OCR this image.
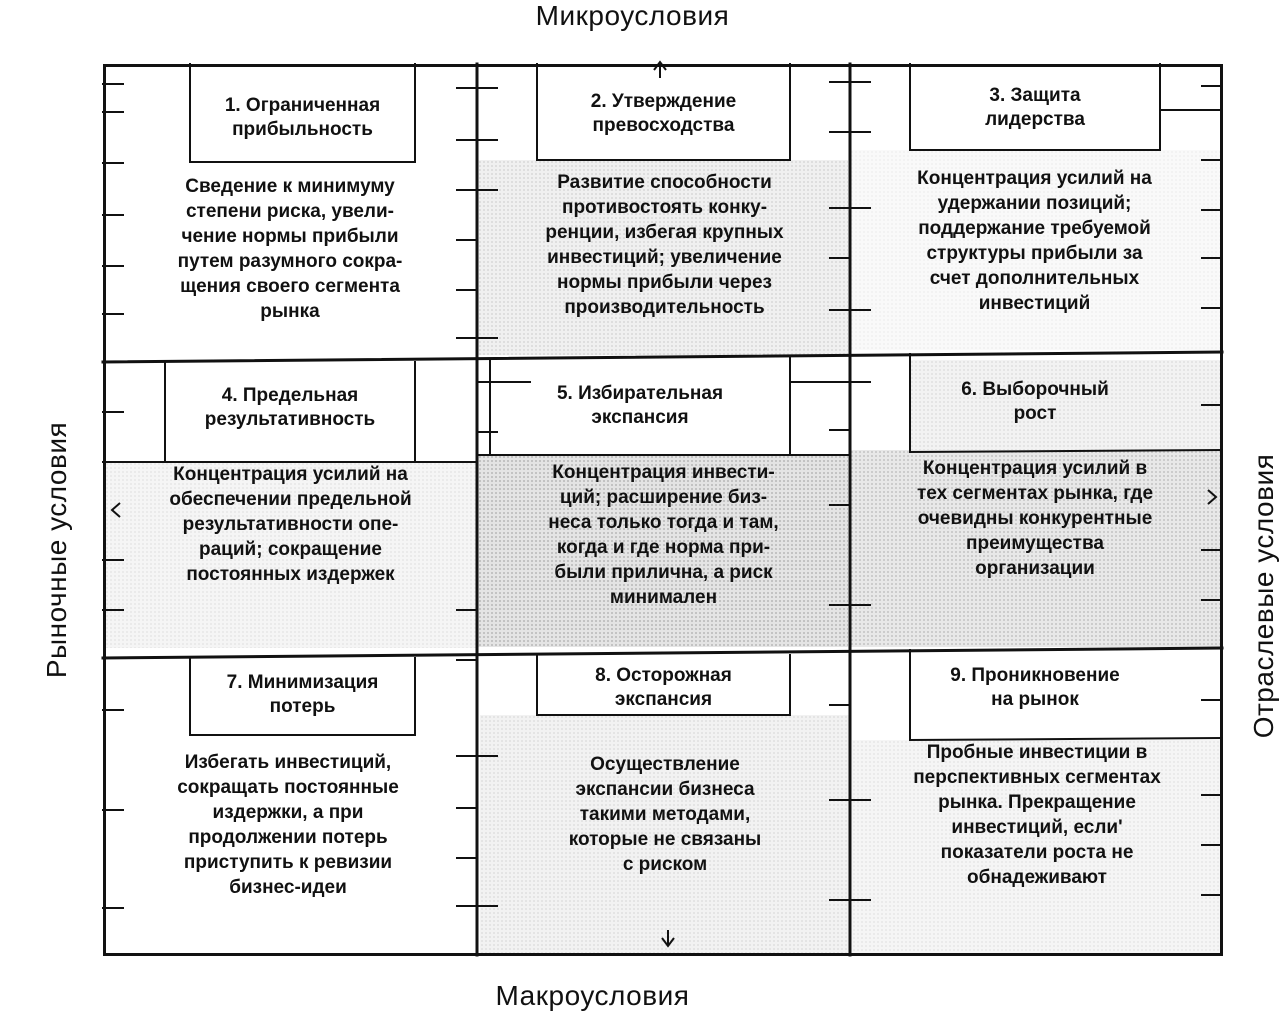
Микроусловия
Макроусловия
Рыночные условия	Отраслевые условия
1. Ограниченная
прибыльность
Сведение к минимуму
степени риска, увели-
чение нормы прибыли
путем разумного сокра-
щения своего сегмента
рынка
2. Утверждение
превосходства
Развитие способности
противостоять конку-
ренции, избегая крупных
инвестиций; увеличение
нормы прибыли через
производительность
3. Защита
лидерства
Концентрация усилий на
удержании позиций;
поддержание требуемой
структуры прибыли за
счет дополнительных
инвестиций
4. Предельная
результативность
Концентрация усилий на
обеспечении предельной
результативности опе-
раций; сокращение
постоянных издержек
5. Избирательная
экспансия
Концентрация инвести-
ций; расширение биз-
неса только тогда и там,
когда и где норма при-
были прилична, а риск
минимален
6. Выборочный
рост
Концентрация усилий в
тех сегментах рынка, где
очевидны конкурентные
преимущества
организации
7. Минимизация
потерь
Избегать инвестиций,
сокращать постоянные
издержки, а при
продолжении потерь
приступить к ревизии
бизнес-идеи
8. Осторожная
экспансия
Осуществление
экспансии бизнеса
такими методами,
которые не связаны
с риском
9. Проникновение
на рынок
Пробные инвестиции в
перспективных сегментах
рынка. Прекращение
инвестиций, если'
показатели роста не
обнадеживают
